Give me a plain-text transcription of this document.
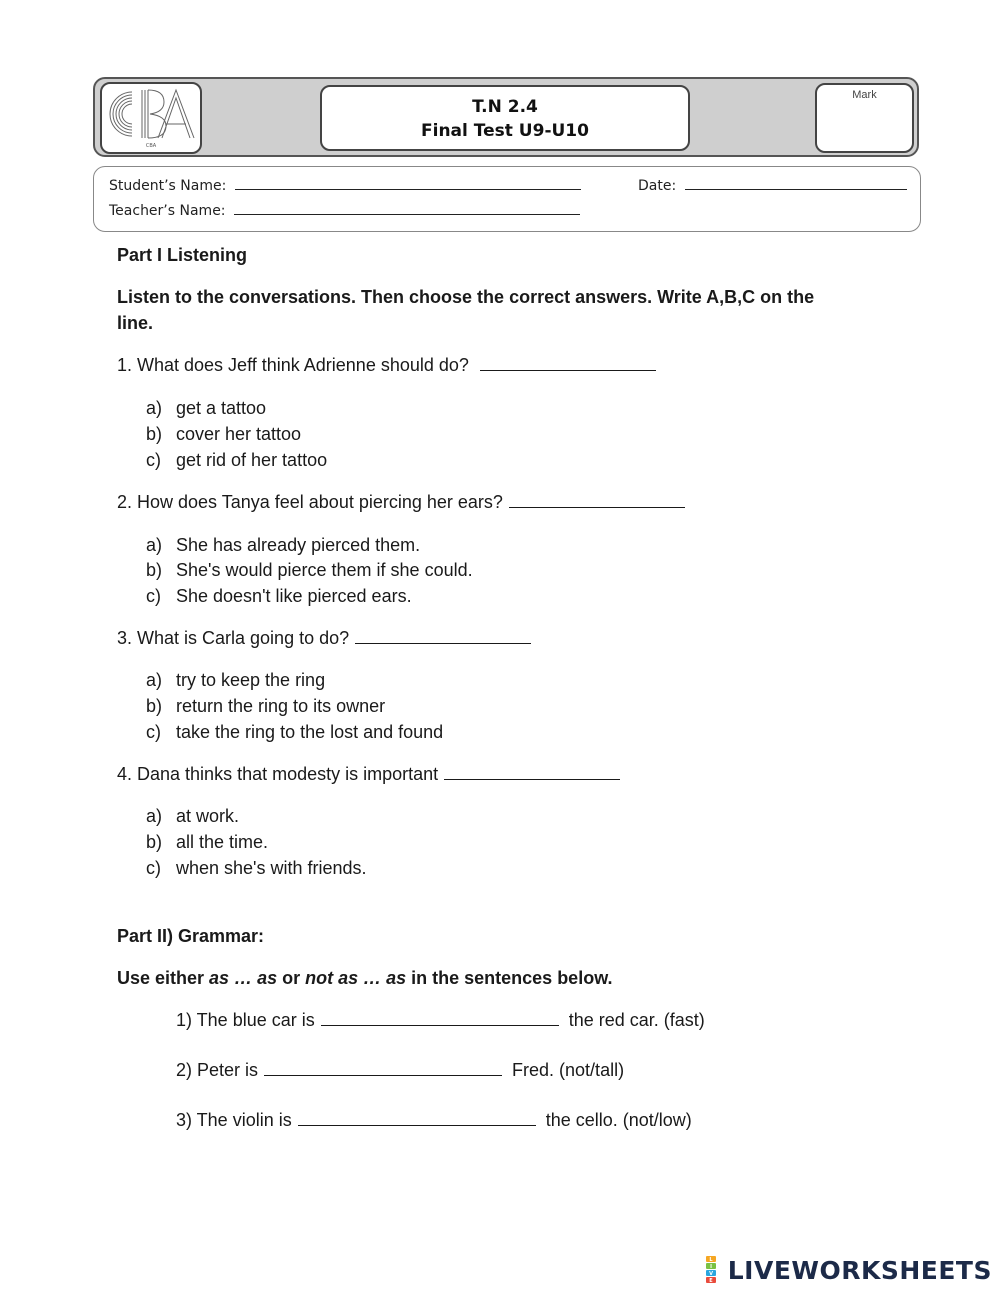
CBA
T.N 2.4
Final Test U9-U10
Mark
Student’s Name:	Date:
Teacher’s Name:
Part I Listening
Listen to the conversations. Then choose the correct answers. Write A,B,C on the
line.
1. What does Jeff think Adrienne should do?
a) get a tattoo
b) cover her tattoo
c) get rid of her tattoo
2. How does Tanya feel about piercing her ears?
a) She has already pierced them.
b) She's would pierce them if she could.
c) She doesn't like pierced ears.
3. What is Carla going to do?
a) try to keep the ring
b) return the ring to its owner
c) take the ring to the lost and found
4. Dana thinks that modesty is important
a) at work.
b) all the time.
c) when she's with friends.
Part II) Grammar:
Use either as … as or not as … as in the sentences below.
1) The blue car is	the red car. (fast)
2) Peter is	Fred. (not/tall)
3) The violin is	the cello. (not/low)
L
I
V
E LIVEWORKSHEETS
